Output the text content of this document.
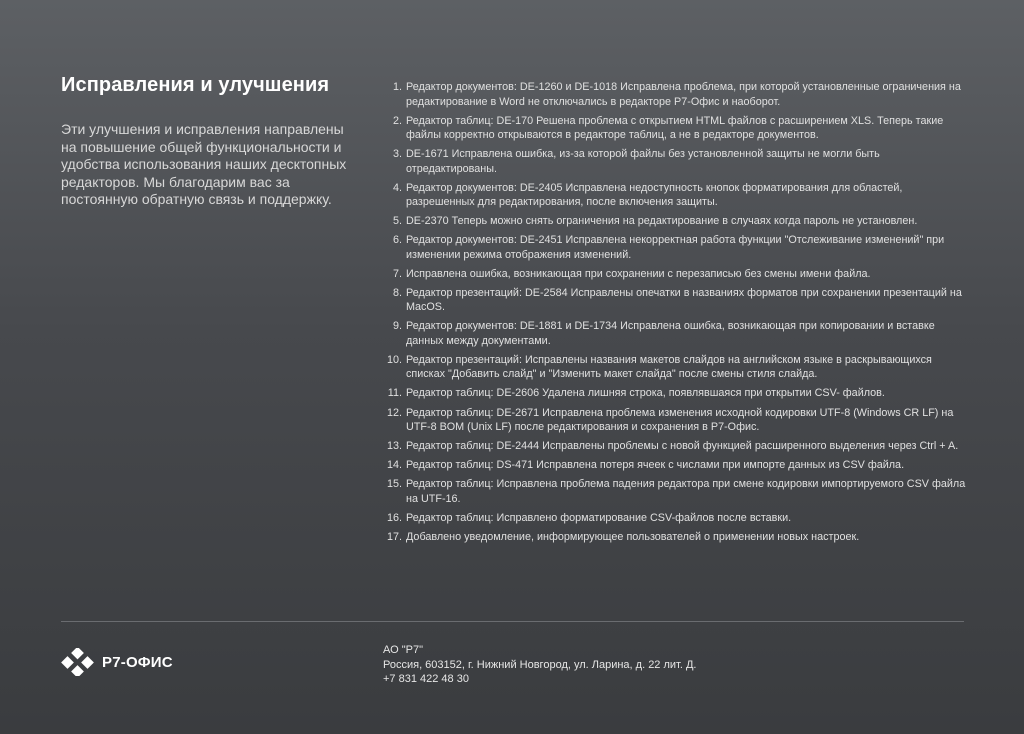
Исправления и улучшения

Эти улучшения и исправления направлены на повышение общей функциональности и удобства использования наших десктопных редакторов. Мы благодарим вас за постоянную обратную связь и поддержку.

1. Редактор документов: DE-1260 и DE-1018 Исправлена проблема, при которой установленные ограничения на редактирование в Word не отключались в редакторе Р7-Офис и наоборот.
2. Редактор таблиц: DE-170 Решена проблема с открытием HTML файлов с расширением XLS. Теперь такие файлы корректно открываются в редакторе таблиц, а не в редакторе документов.
3. DE-1671 Исправлена ошибка, из-за которой файлы без установленной защиты не могли быть отредактированы.
4. Редактор документов: DE-2405 Исправлена недоступность кнопок форматирования для областей, разрешенных для редактирования, после включения защиты.
5. DE-2370 Теперь можно снять ограничения на редактирование в случаях когда пароль не установлен.
6. Редактор документов: DE-2451 Исправлена некорректная работа функции "Отслеживание изменений" при изменении режима отображения изменений.
7. Исправлена ошибка, возникающая при сохранении с перезаписью без смены имени файла.
8. Редактор презентаций: DE-2584 Исправлены опечатки в названиях форматов при сохранении презентаций на MacOS.
9. Редактор документов: DE-1881 и DE-1734 Исправлена ошибка, возникающая при копировании и вставке данных между документами.
10. Редактор презентаций: Исправлены названия макетов слайдов на английском языке в раскрывающихся списках "Добавить слайд" и "Изменить макет слайда" после смены стиля слайда.
11. Редактор таблиц: DE-2606 Удалена лишняя строка, появлявшаяся при открытии CSV- файлов.
12. Редактор таблиц: DE-2671 Исправлена проблема изменения исходной кодировки UTF-8 (Windows CR LF) на UTF-8 BOM (Unix LF) после редактирования и сохранения в Р7-Офис.
13. Редактор таблиц: DE-2444 Исправлены проблемы с новой функцией расширенного выделения через Ctrl + A.
14. Редактор таблиц: DS-471 Исправлена потеря ячеек с числами при импорте данных из CSV файла.
15. Редактор таблиц: Исправлена проблема падения редактора при смене кодировки импортируемого CSV файла на UTF-16.
16. Редактор таблиц: Исправлено форматирование CSV-файлов после вставки.
17. Добавлено уведомление, информирующее пользователей о применении новых настроек.
Р7-ОФИС
АО "Р7"
Россия, 603152, г. Нижний Новгород, ул. Ларина, д. 22 лит. Д.
+7 831 422 48 30
